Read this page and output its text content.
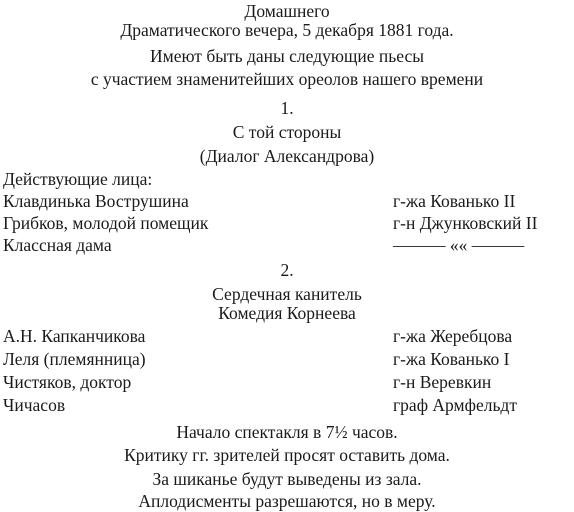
Домашнего
Драматического вечера, 5 декабря 1881 года.
Имеют быть даны следующие пьесы
с участием знаменитейших ореолов нашего времени
1.
С той стороны
(Диалог Александрова)
Действующие лица:
Клавдинька Вострушина	г-жа Кованько II
Грибков, молодой помещик	г-н Джунковский II
Классная дама	——— «« ———
2.
Сердечная канитель
Комедия Корнеева
А.Н. Капканчикова	г-жа Жеребцова
Леля (племянница)	г-жа Кованько I
Чистяков, доктор	г-н Веревкин
Чичасов	граф Армфельдт
Начало спектакля в 7½ часов.
Критику гг. зрителей просят оставить дома.
За шиканье будут выведены из зала.
Аплодисменты разрешаются, но в меру.
